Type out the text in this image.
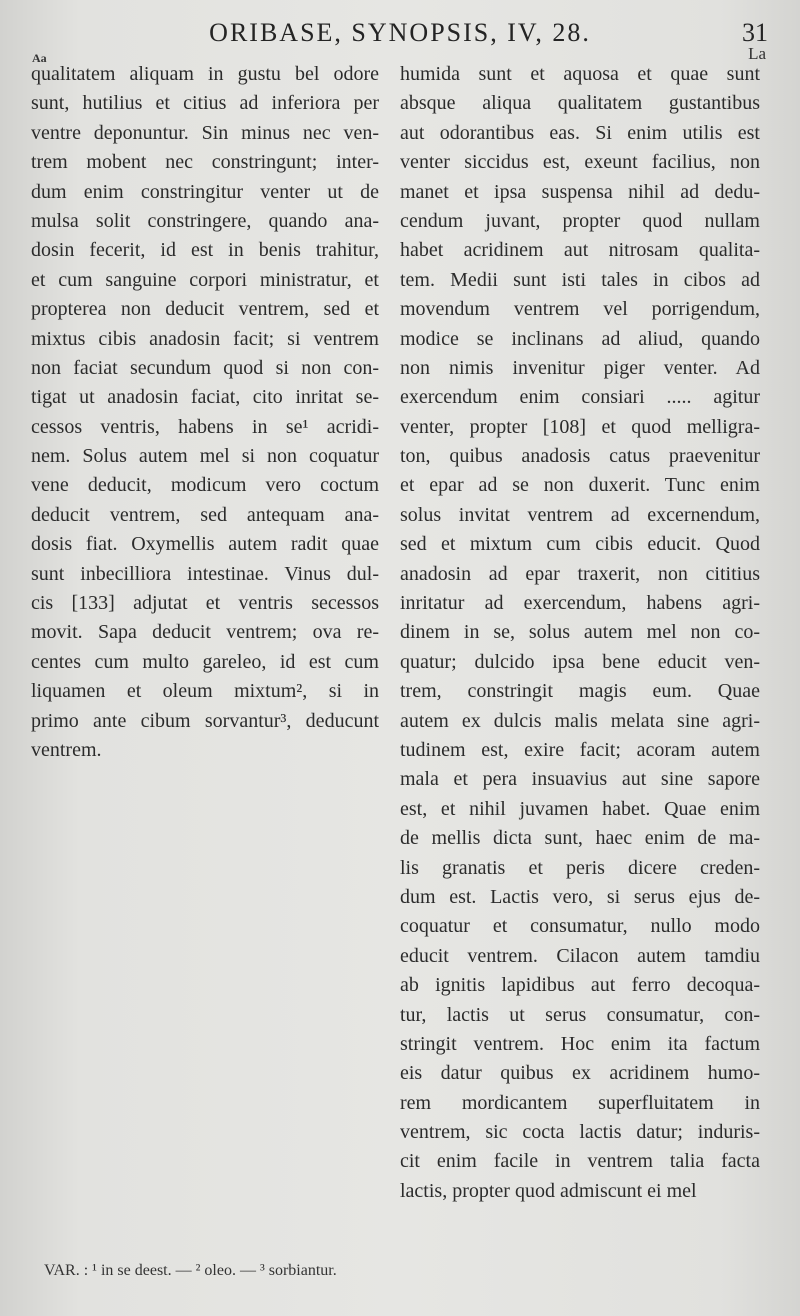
ORIBASE, SYNOPSIS, IV, 28.	31
Aa	La
qualitatem aliquam in gustu bel odore
sunt, hutilius et citius ad inferiora per
ventre deponuntur. Sin minus nec ven-
trem mobent nec constringunt; inter-
dum enim constringitur venter ut de
mulsa solit constringere, quando ana-
dosin fecerit, id est in benis trahitur,
et cum sanguine corpori ministratur, et
propterea non deducit ventrem, sed et
mixtus cibis anadosin facit; si ventrem
non faciat secundum quod si non con-
tigat ut anadosin faciat, cito inritat se-
cessos ventris, habens in se¹ acridi-
nem. Solus autem mel si non coquatur
vene deducit, modicum vero coctum
deducit ventrem, sed antequam ana-
dosis fiat. Oxymellis autem radit quae
sunt inbecilliora intestinae. Vinus dul-
cis [133] adjutat et ventris secessos
movit. Sapa deducit ventrem; ova re-
centes cum multo gareleo, id est cum
liquamen et oleum mixtum², si in
primo ante cibum sorvantur³, deducunt
ventrem.
humida sunt et aquosa et quae sunt
absque aliqua qualitatem gustantibus
aut odorantibus eas. Si enim utilis est
venter siccidus est, exeunt facilius, non
manet et ipsa suspensa nihil ad dedu-
cendum juvant, propter quod nullam
habet acridinem aut nitrosam qualita-
tem. Medii sunt isti tales in cibos ad
movendum ventrem vel porrigendum,
modice se inclinans ad aliud, quando
non nimis invenitur piger venter. Ad
exercendum enim consiari ..... agitur
venter, propter [108] et quod melligra-
ton, quibus anadosis catus praevenitur
et epar ad se non duxerit. Tunc enim
solus invitat ventrem ad excernendum,
sed et mixtum cum cibis educit. Quod
anadosin ad epar traxerit, non cititius
inritatur ad exercendum, habens agri-
dinem in se, solus autem mel non co-
quatur; dulcido ipsa bene educit ven-
trem, constringit magis eum. Quae
autem ex dulcis malis melata sine agri-
tudinem est, exire facit; acoram autem
mala et pera insuavius aut sine sapore
est, et nihil juvamen habet. Quae enim
de mellis dicta sunt, haec enim de ma-
lis granatis et peris dicere creden-
dum est. Lactis vero, si serus ejus de-
coquatur et consumatur, nullo modo
educit ventrem. Cilacon autem tamdiu
ab ignitis lapidibus aut ferro decoqua-
tur, lactis ut serus consumatur, con-
stringit ventrem. Hoc enim ita factum
eis datur quibus ex acridinem humo-
rem mordicantem superfluitatem in
ventrem, sic cocta lactis datur; induris-
cit enim facile in ventrem talia facta
lactis, propter quod admiscunt ei mel
VAR. : ¹ in se deest. — ² oleo. — ³ sorbiantur.
